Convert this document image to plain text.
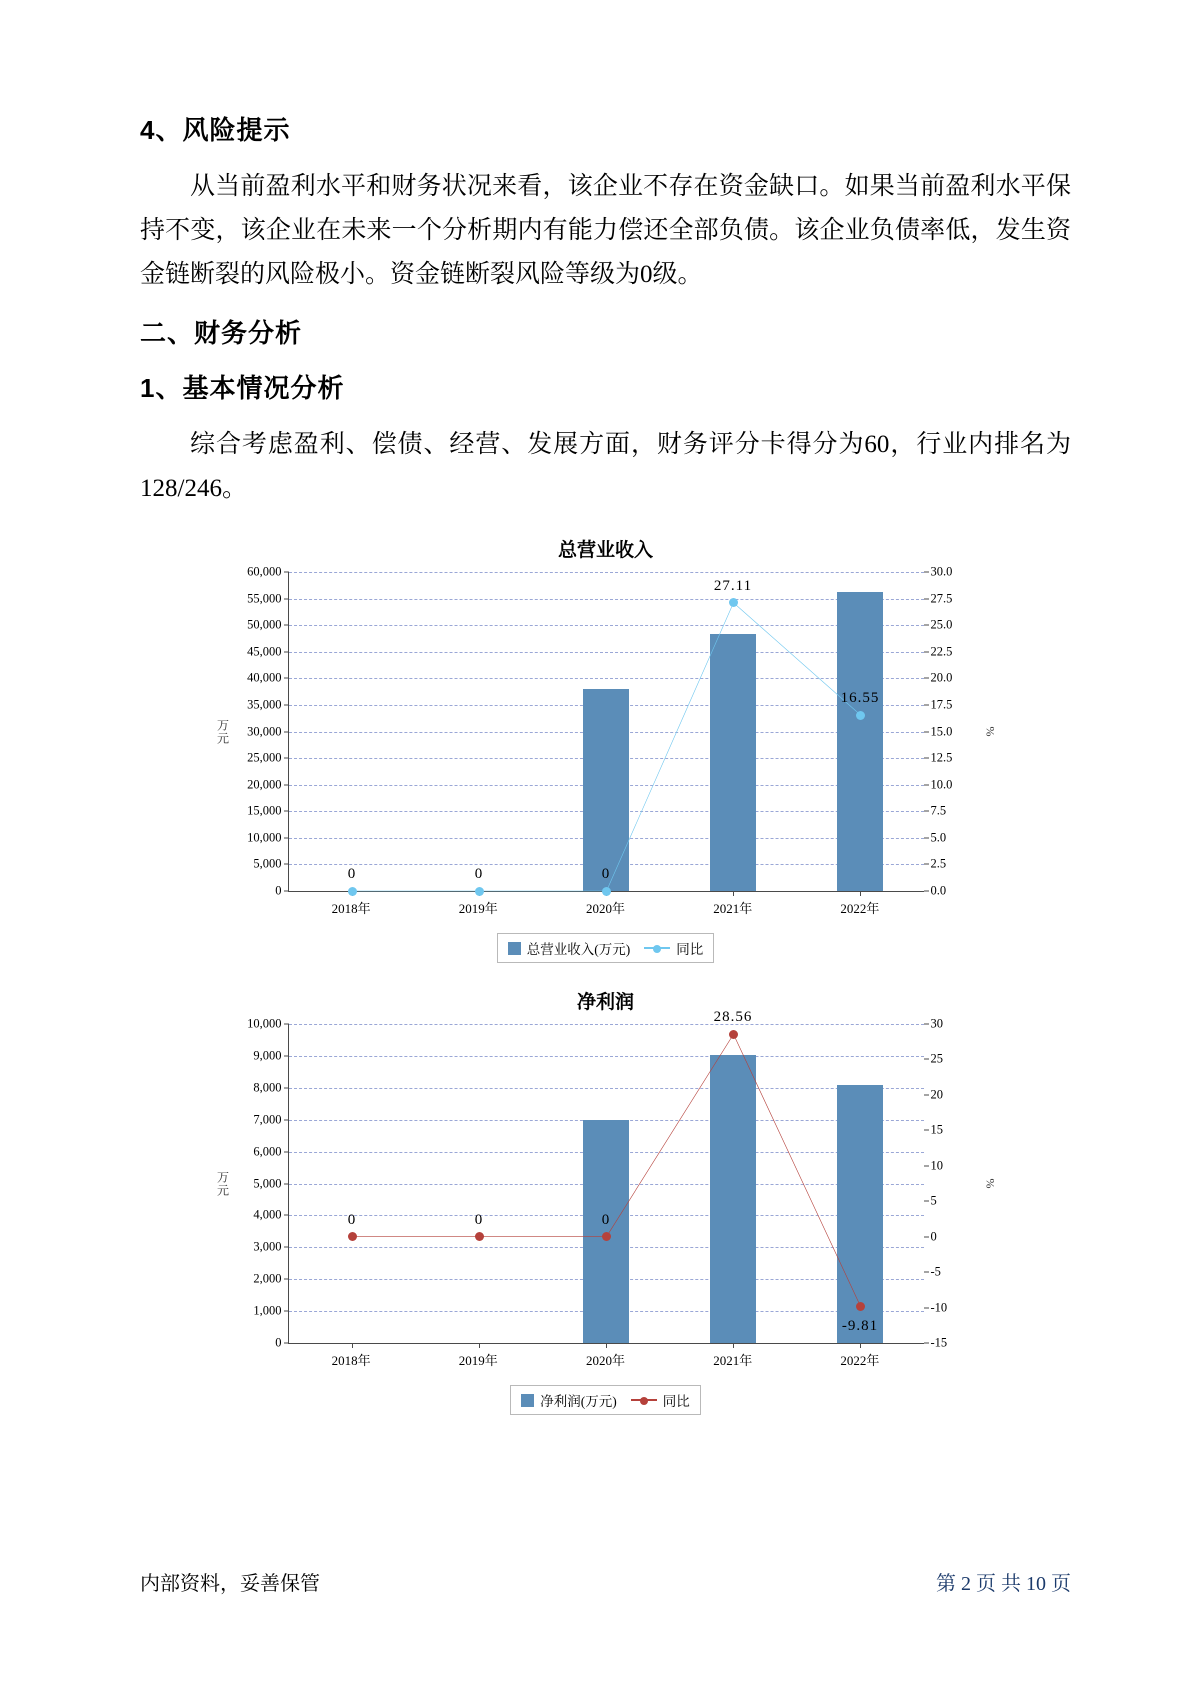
4、风险提示

从当前盈利水平和财务状况来看，该企业不存在资金缺口。如果当前盈利水平保持不变，该企业在未来一个分析期内有能力偿还全部负债。该企业负债率低，发生资金链断裂的风险极小。资金链断裂风险等级为0级。

二、财务分析
1、基本情况分析

综合考虑盈利、偿债、经营、发展方面，财务评分卡得分为60，行业内排名为128/246。

总营业收入
万元	%
0
5,000
10,000
15,000
20,000
25,000
30,000
35,000
40,000
45,000
50,000
55,000
60,000
0.0
2.5
5.0
7.5
10.0
12.5
15.0
17.5
20.0
22.5
25.0
27.5
30.0
0	0	0
27.11
16.55
2018年	2019年	2020年	2021年	2022年
总营业收入(万元)	同比
净利润
万元	%
0
1,000
2,000
3,000
4,000
5,000
6,000
7,000
8,000
9,000
10,000
-15
-10
-5
0
5
10
15
20
25
30
0	0	0
28.56
-9.81
2018年	2019年	2020年	2021年	2022年
净利润(万元)	同比
内部资料，妥善保管	第 2 页 共 10 页
